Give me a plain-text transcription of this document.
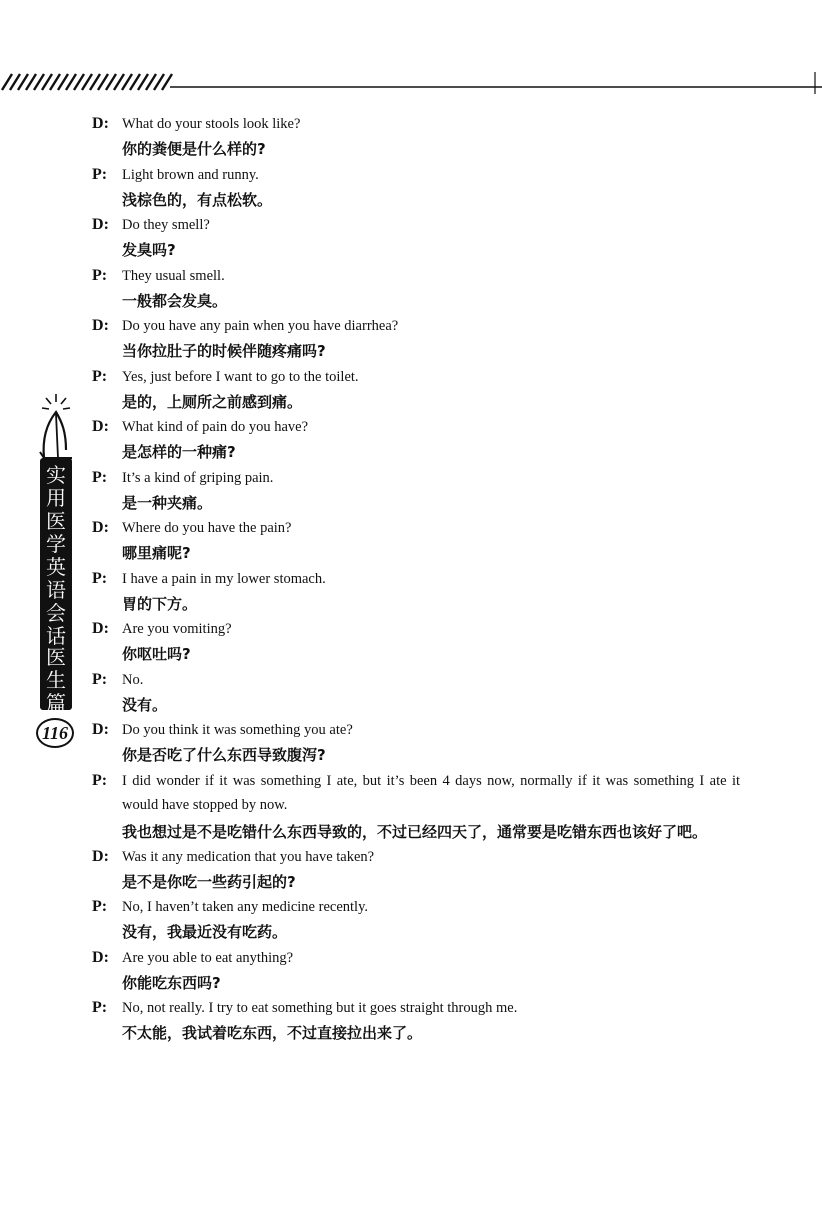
实用医学英语会话
116
医生篇
D: What do your stools look like?
你的粪便是什么样的?
P: Light brown and runny.
浅棕色的，有点松软。
D: Do they smell?
发臭吗?
P: They usual smell.
一般都会发臭。
D: Do you have any pain when you have diarrhea?
当你拉肚子的时候伴随疼痛吗?
P: Yes, just before I want to go to the toilet.
是的，上厕所之前感到痛。
D: What kind of pain do you have?
是怎样的一种痛?
P: It’s a kind of griping pain.
是一种夹痛。
D: Where do you have the pain?
哪里痛呢?
P: I have a pain in my lower stomach.
胃的下方。
D: Are you vomiting?
你呕吐吗?
P: No.
没有。
D: Do you think it was something you ate?
你是否吃了什么东西导致腹泻?
P: I did wonder if it was something I ate, but it’s been 4 days now, normally if it was something I ate it would have stopped by now.
我也想过是不是吃错什么东西导致的，不过已经四天了，通常要是吃错东西也该好了吧。
D: Was it any medication that you have taken?
是不是你吃一些药引起的?
P: No, I haven’t taken any medicine recently.
没有，我最近没有吃药。
D: Are you able to eat anything?
你能吃东西吗?
P: No, not really. I try to eat something but it goes straight through me.
不太能，我试着吃东西，不过直接拉出来了。
